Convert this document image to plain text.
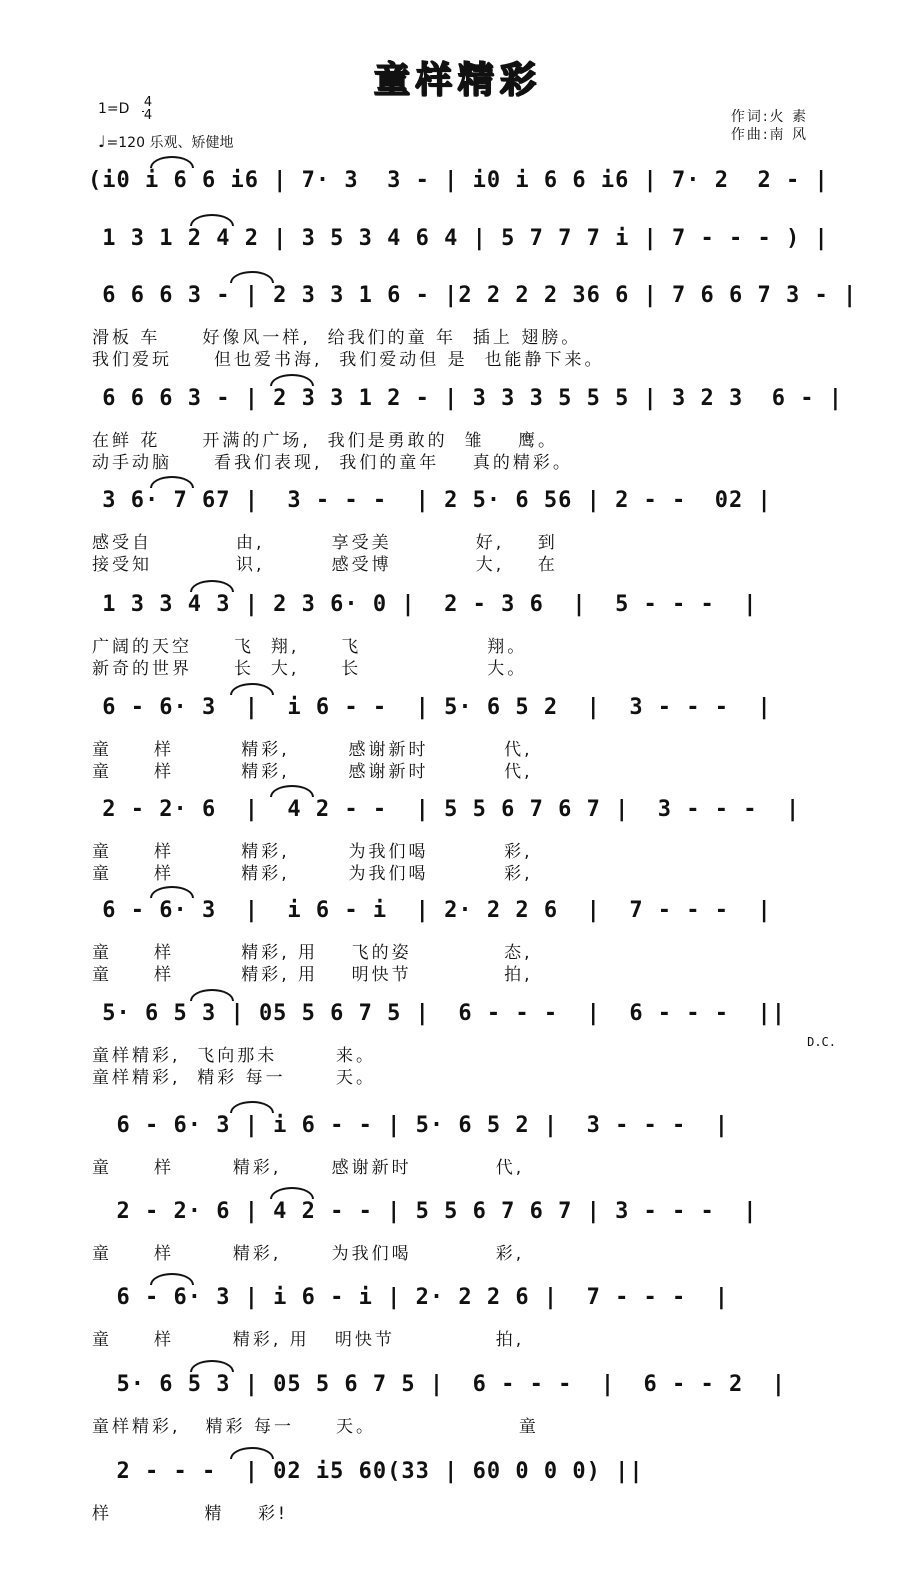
童样精彩
1=D 4
4
♩=120 乐观、矫健地
作词:火 素
作曲:南 风
(i0 i 6 6 i6 | 7· 3  3 - | i0 i 6 6 i6 | 7· 2  2 - |
1 3 1 2 4 2 | 3 5 3 4 6 4 | 5 7 7 7 i | 7 - - - ) |
6 6 6 3 - | 2 3 3 1 6 - |2 2 2 2 36 6 | 7 6 6 7 3 - |
滑板 车     好像风一样,  给我们的童 年  插上 翅膀。
我们爱玩     但也爱书海,  我们爱动但 是  也能静下来。
6 6 6 3 - | 2 3 3 1 2 - | 3 3 3 5 5 5 | 3 2 3  6 - |
在鲜 花     开满的广场,  我们是勇敢的  雏    鹰。
动手动脑     看我们表现,  我们的童年    真的精彩。
3 6· 7 67 |  3 - - -  | 2 5· 6 56 | 2 - -  02 |
感受自          由,        享受美          好,    到
接受知          识,        感受博          大,    在
1 3 3 4 3 | 2 3 6· 0 |  2 - 3 6  |  5 - - -  |
广阔的天空     飞  翔,     飞               翔。
新奇的世界     长  大,     长               大。
6 - 6· 3  |  i 6 - -  | 5· 6 5 2  |  3 - - -  |
童     样        精彩,       感谢新时         代,
童     样        精彩,       感谢新时         代,
2 - 2· 6  |  4 2 - -  | 5 5 6 7 6 7 |  3 - - -  |
童     样        精彩,       为我们喝         彩,
童     样        精彩,       为我们喝         彩,
6 - 6· 3  |  i 6 - i  | 2· 2 2 6  |  7 - - -  |
童     样        精彩, 用    飞的姿           态,
童     样        精彩, 用    明快节           拍,
5· 6 5 3 | 05 5 6 7 5 |  6 - - -  |  6 - - -  ||
童样精彩,  飞向那未       来。
童样精彩,  精彩 每一      天。
6 - 6· 3 | i 6 - - | 5· 6 5 2 |  3 - - -  |
童     样       精彩,      感谢新时          代,
2 - 2· 6 | 4 2 - - | 5 5 6 7 6 7 | 3 - - -  |
童     样       精彩,      为我们喝          彩,
6 - 6· 3 | i 6 - i | 2· 2 2 6 |  7 - - -  |
童     样       精彩, 用   明快节            拍,
5· 6 5 3 | 05 5 6 7 5 |  6 - - -  |  6 - - 2  |
童样精彩,   精彩 每一     天。                 童
2 - - -  | 02 i5 60(33 | 60 0 0 0) ||
样           精    彩!
D.C.
